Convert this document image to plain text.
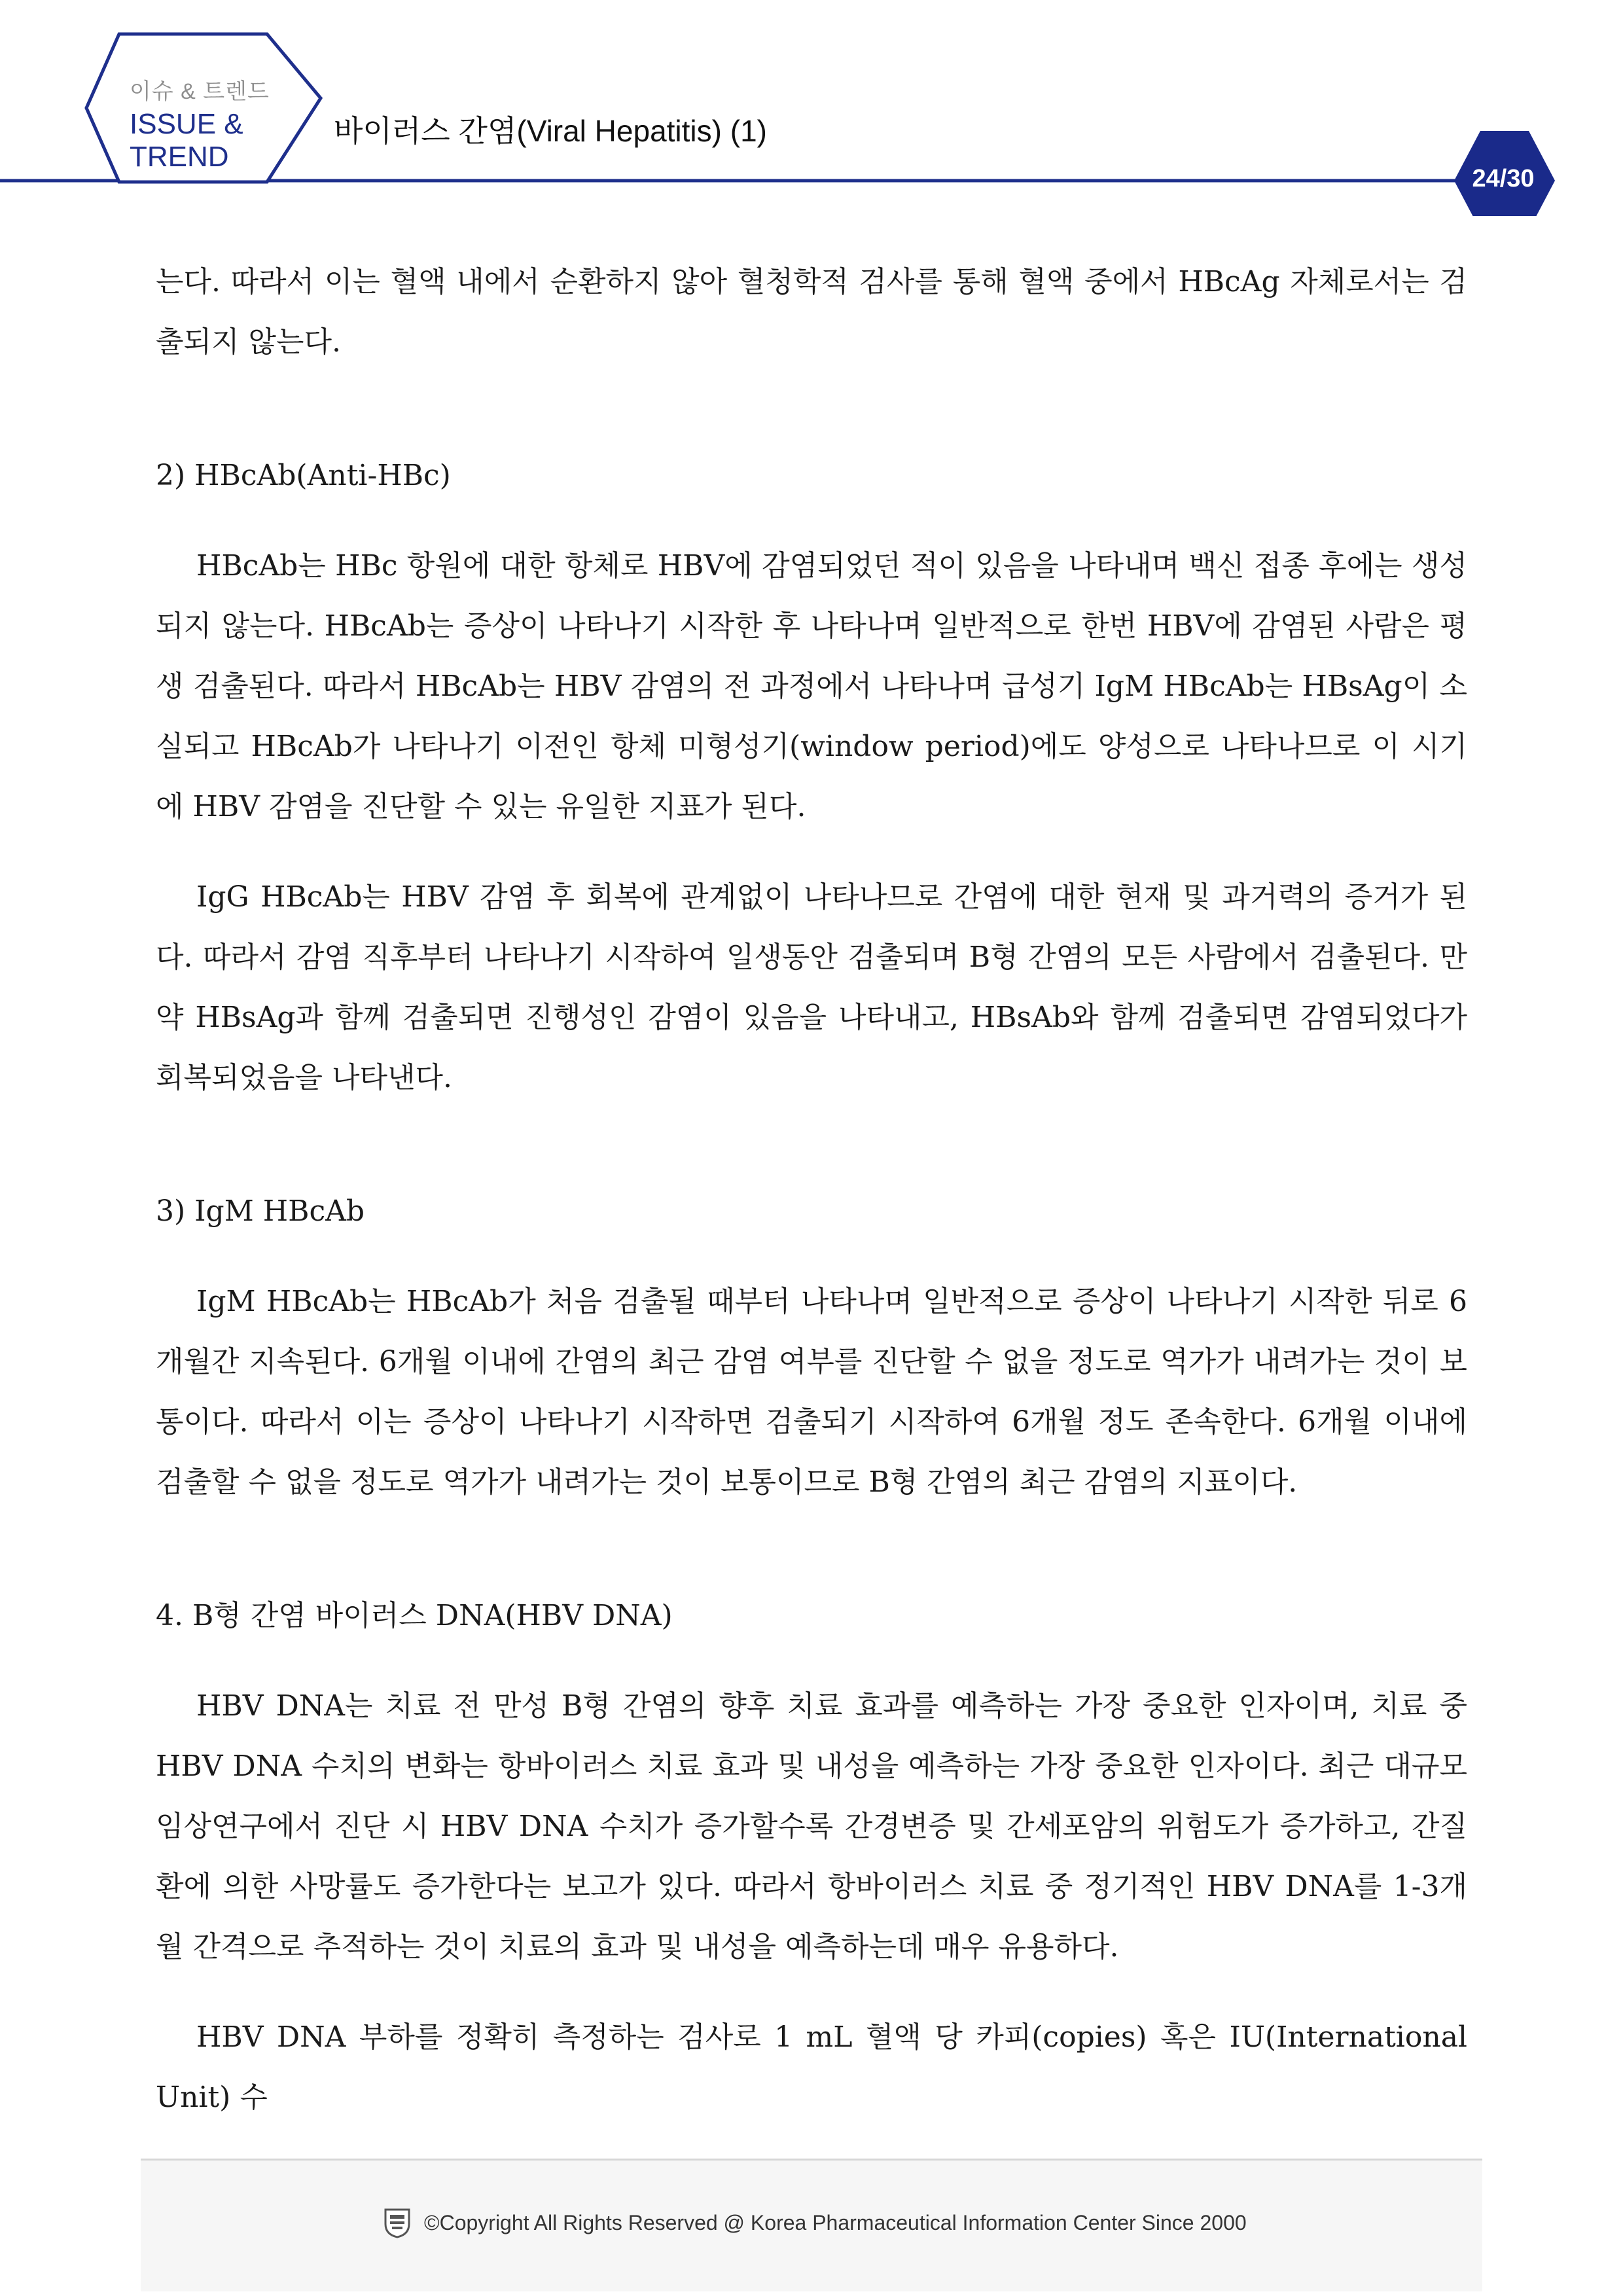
이슈 & 트렌드
ISSUE &
TREND
바이러스 간염(Viral Hepatitis) (1)
24/30

는다. 따라서 이는 혈액 내에서 순환하지 않아 혈청학적 검사를 통해 혈액 중에서 HBcAg 자체로서는 검출되지 않는다.

2) HBcAb(Anti-HBc)

HBcAb는 HBc 항원에 대한 항체로 HBV에 감염되었던 적이 있음을 나타내며 백신 접종 후에는 생성되지 않는다. HBcAb는 증상이 나타나기 시작한 후 나타나며 일반적으로 한번 HBV에 감염된 사람은 평생 검출된다. 따라서 HBcAb는 HBV 감염의 전 과정에서 나타나며 급성기 IgM HBcAb는 HBsAg이 소실되고 HBcAb가 나타나기 이전인 항체 미형성기(window period)에도 양성으로 나타나므로 이 시기에 HBV 감염을 진단할 수 있는 유일한 지표가 된다.

IgG HBcAb는 HBV 감염 후 회복에 관계없이 나타나므로 간염에 대한 현재 및 과거력의 증거가 된다. 따라서 감염 직후부터 나타나기 시작하여 일생동안 검출되며 B형 간염의 모든 사람에서 검출된다. 만약 HBsAg과 함께 검출되면 진행성인 감염이 있음을 나타내고, HBsAb와 함께 검출되면 감염되었다가 회복되었음을 나타낸다.

3) IgM HBcAb

IgM HBcAb는 HBcAb가 처음 검출될 때부터 나타나며 일반적으로 증상이 나타나기 시작한 뒤로 6개월간 지속된다. 6개월 이내에 간염의 최근 감염 여부를 진단할 수 없을 정도로 역가가 내려가는 것이 보통이다. 따라서 이는 증상이 나타나기 시작하면 검출되기 시작하여 6개월 정도 존속한다. 6개월 이내에 검출할 수 없을 정도로 역가가 내려가는 것이 보통이므로 B형 간염의 최근 감염의 지표이다.

4. B형 간염 바이러스 DNA(HBV DNA)

HBV DNA는 치료 전 만성 B형 간염의 향후 치료 효과를 예측하는 가장 중요한 인자이며, 치료 중 HBV DNA 수치의 변화는 항바이러스 치료 효과 및 내성을 예측하는 가장 중요한 인자이다. 최근 대규모 임상연구에서 진단 시 HBV DNA 수치가 증가할수록 간경변증 및 간세포암의 위험도가 증가하고, 간질환에 의한 사망률도 증가한다는 보고가 있다. 따라서 항바이러스 치료 중 정기적인 HBV DNA를 1-3개월 간격으로 추적하는 것이 치료의 효과 및 내성을 예측하는데 매우 유용하다.

HBV DNA 부하를 정확히 측정하는 검사로 1 mL 혈액 당 카피(copies) 혹은 IU(International Unit) 수

©Copyright All Rights Reserved @ Korea Pharmaceutical Information Center Since 2000
